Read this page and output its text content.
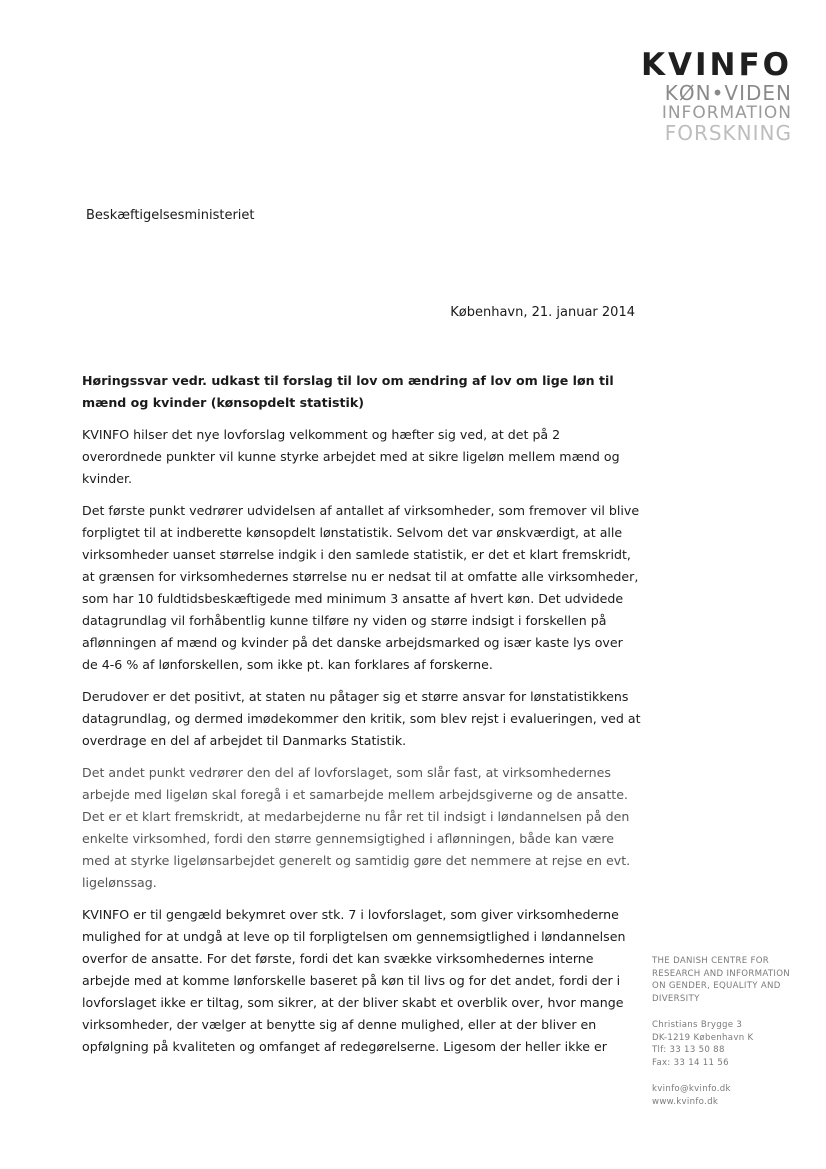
KVINFO
KØN•VIDEN
INFORMATION
FORSKNING
Beskæftigelsesministeriet
København, 21. januar 2014

Høringssvar vedr. udkast til forslag til lov om ændring af lov om lige løn til mænd og kvinder (kønsopdelt statistik)

KVINFO hilser det nye lovforslag velkomment og hæfter sig ved, at det på 2 overordnede punkter vil kunne styrke arbejdet med at sikre ligeløn mellem mænd og kvinder.

Det første punkt vedrører udvidelsen af antallet af virksomheder, som fremover vil blive forpligtet til at indberette kønsopdelt lønstatistik. Selvom det var ønskværdigt, at alle virksomheder uanset størrelse indgik i den samlede statistik, er det et klart fremskridt, at grænsen for virksomhedernes størrelse nu er nedsat til at omfatte alle virksomheder, som har 10 fuldtidsbeskæftigede med minimum 3 ansatte af hvert køn. Det udvidede datagrundlag vil forhåbentlig kunne tilføre ny viden og større indsigt i forskellen på aflønningen af mænd og kvinder på det danske arbejdsmarked og især kaste lys over de 4-6 % af lønforskellen, som ikke pt. kan forklares af forskerne.

Derudover er det positivt, at staten nu påtager sig et større ansvar for lønstatistikkens datagrundlag, og dermed imødekommer den kritik, som blev rejst i evalueringen, ved at overdrage en del af arbejdet til Danmarks Statistik.

Det andet punkt vedrører den del af lovforslaget, som slår fast, at virksomhedernes arbejde med ligeløn skal foregå i et samarbejde mellem arbejdsgiverne og de ansatte. Det er et klart fremskridt, at medarbejderne nu får ret til indsigt i løndannelsen på den enkelte virksomhed, fordi den større gennemsigtighed i aflønningen, både kan være med at styrke ligelønsarbejdet generelt og samtidig gøre det nemmere at rejse en evt. ligelønssag.

KVINFO er til gengæld bekymret over stk. 7 i lovforslaget, som giver virksomhederne mulighed for at undgå at leve op til forpligtelsen om gennemsigtlighed i løndannelsen overfor de ansatte. For det første, fordi det kan svække virksomhedernes interne arbejde med at komme lønforskelle baseret på køn til livs og for det andet, fordi der i lovforslaget ikke er tiltag, som sikrer, at der bliver skabt et overblik over, hvor mange virksomheder, der vælger at benytte sig af denne mulighed, eller at der bliver en opfølgning på kvaliteten og omfanget af redegørelserne. Ligesom der heller ikke er

THE DANISH CENTRE FOR
RESEARCH AND INFORMATION
ON GENDER, EQUALITY AND
DIVERSITY
Christians Brygge 3
DK-1219 København K
Tlf: 33 13 50 88
Fax: 33 14 11 56
kvinfo@kvinfo.dk
www.kvinfo.dk
